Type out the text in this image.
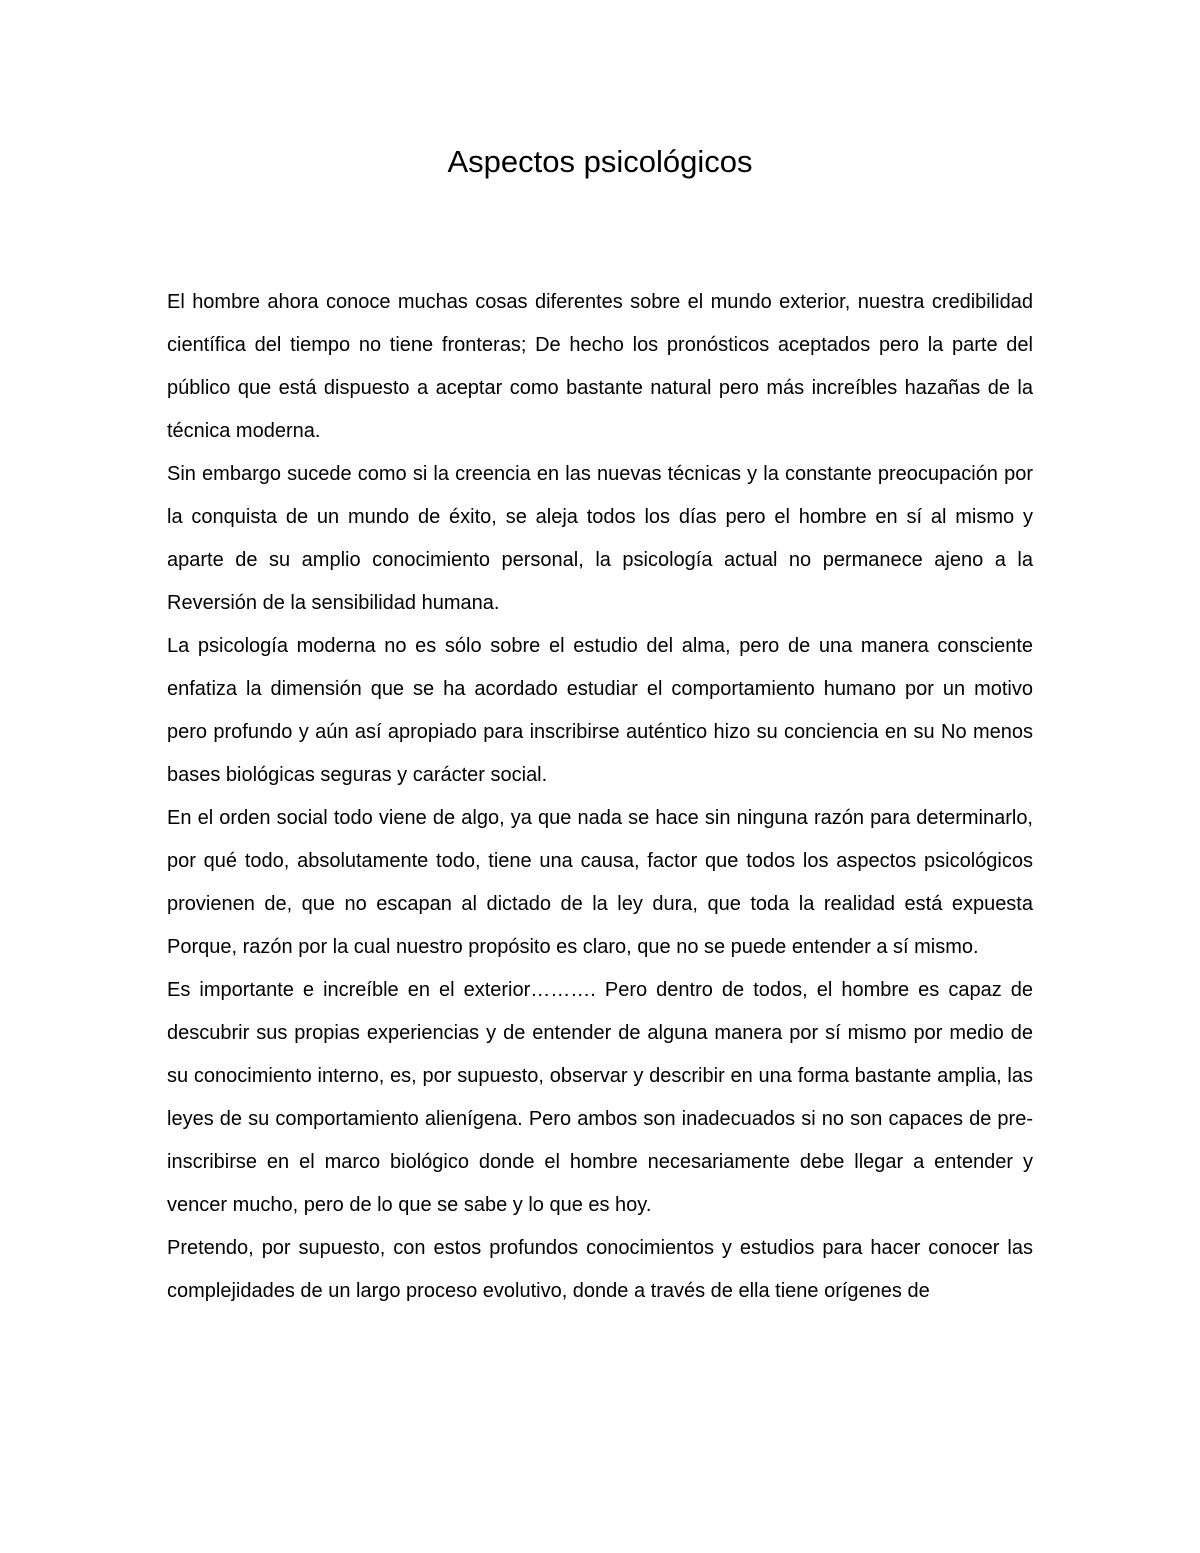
Aspectos psicológicos

El hombre ahora conoce muchas cosas diferentes sobre el mundo exterior, nuestra credibilidad científica del tiempo no tiene fronteras; De hecho los pronósticos aceptados pero la parte del público que está dispuesto a aceptar como bastante natural pero más increíbles hazañas de la técnica moderna.

Sin embargo sucede como si la creencia en las nuevas técnicas y la constante preocupación por la conquista de un mundo de éxito, se aleja todos los días pero el hombre en sí al mismo y aparte de su amplio conocimiento personal, la psicología actual no permanece ajeno a la Reversión de la sensibilidad humana.

La psicología moderna no es sólo sobre el estudio del alma, pero de una manera consciente enfatiza la dimensión que se ha acordado estudiar el comportamiento humano por un motivo pero profundo y aún así apropiado para inscribirse auténtico hizo su conciencia en su No menos bases biológicas seguras y carácter social.

En el orden social todo viene de algo, ya que nada se hace sin ninguna razón para determinarlo, por qué todo, absolutamente todo, tiene una causa, factor que todos los aspectos psicológicos provienen de, que no escapan al dictado de la ley dura, que toda la realidad está expuesta Porque, razón por la cual nuestro propósito es claro, que no se puede entender a sí mismo.

Es importante e increíble en el exterior………. Pero dentro de todos, el hombre es capaz de descubrir sus propias experiencias y de entender de alguna manera por sí mismo por medio de su conocimiento interno, es, por supuesto, observar y describir en una forma bastante amplia, las leyes de su comportamiento alienígena. Pero ambos son inadecuados si no son capaces de pre-inscribirse en el marco biológico donde el hombre necesariamente debe llegar a entender y vencer mucho, pero de lo que se sabe y lo que es hoy.

Pretendo, por supuesto, con estos profundos conocimientos y estudios para hacer conocer las complejidades de un largo proceso evolutivo, donde a través de ella tiene orígenes de
